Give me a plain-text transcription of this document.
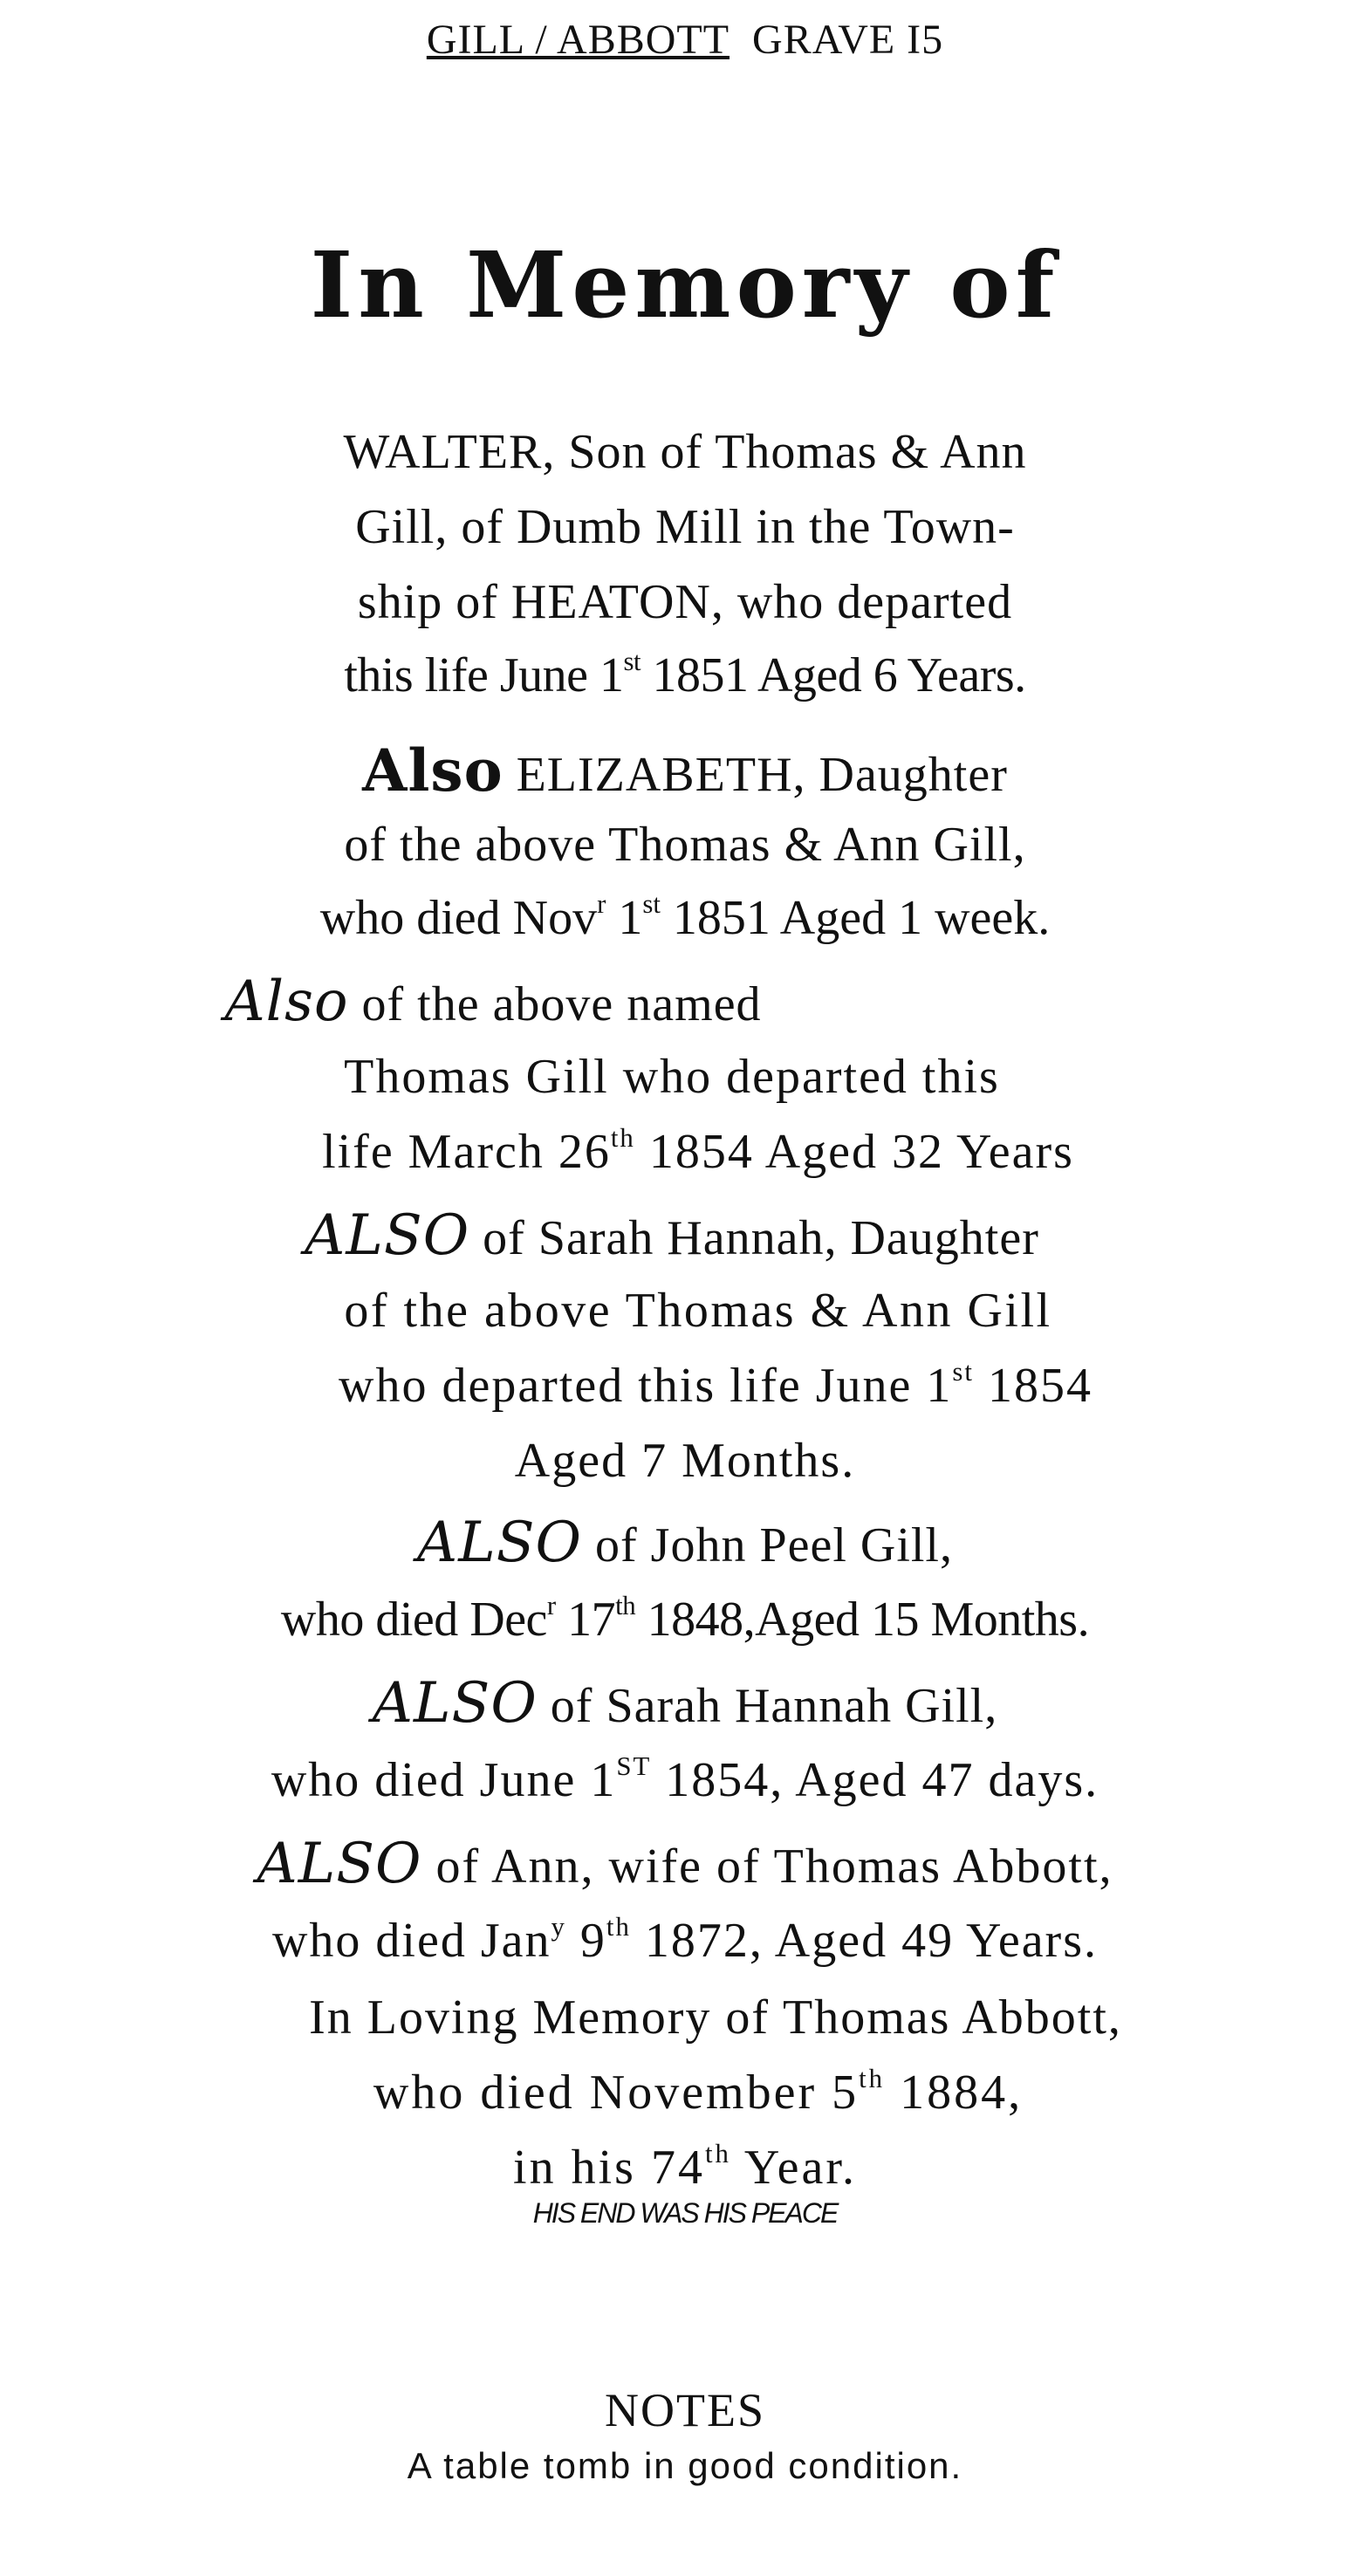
GILL / ABBOTT GRAVE I5
In Memory of
WALTER, Son of Thomas & Ann
Gill, of Dumb Mill in the Town-
ship of HEATON, who departed
this life June 1st 1851 Aged 6 Years.
Also ELIZABETH, Daughter
of the above Thomas & Ann Gill,
who died Nov$^r$ 1st 1851 Aged 1 week.
Also of the above named
Thomas Gill who departed this
life March 26th 1854 Aged 32 Years
ALSO of Sarah Hannah, Daughter
of the above Thomas & Ann Gill
who departed this life June 1st 1854
Aged 7 Months.
ALSO of John Peel Gill,
who died Dec$^r$ 17th 1848,Aged 15 Months.
ALSO of Sarah Hannah Gill,
who died June 1ST 1854, Aged 47 days.
ALSO of Ann, wife of Thomas Abbott,
who died Jan$^y$ 9th 1872, Aged 49 Years.
In Loving Memory of Thomas Abbott,
who died November 5th 1884,
in his 74th Year.
HIS END WAS HIS PEACE
NOTES
A table tomb in good condition.
